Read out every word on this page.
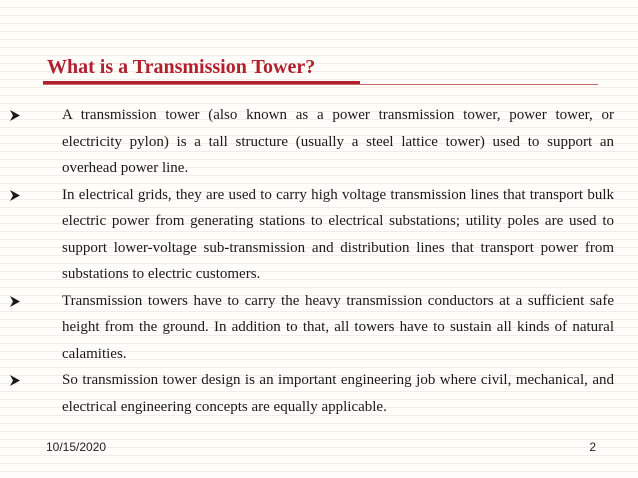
What is a Transmission Tower?
A transmission tower (also known as a power transmission tower, power tower, or electricity pylon) is a tall structure (usually a steel lattice tower) used to support an overhead power line.
In electrical grids, they are used to carry high voltage transmission lines that transport bulk electric power from generating stations to electrical substations; utility poles are used to support lower-voltage sub-transmission and distribution lines that transport power from substations to electric customers.
Transmission towers have to carry the heavy transmission conductors at a sufficient safe height from the ground. In addition to that, all towers have to sustain all kinds of natural calamities.
So transmission tower design is an important engineering job where civil, mechanical, and electrical engineering concepts are equally applicable.
10/15/2020	2
